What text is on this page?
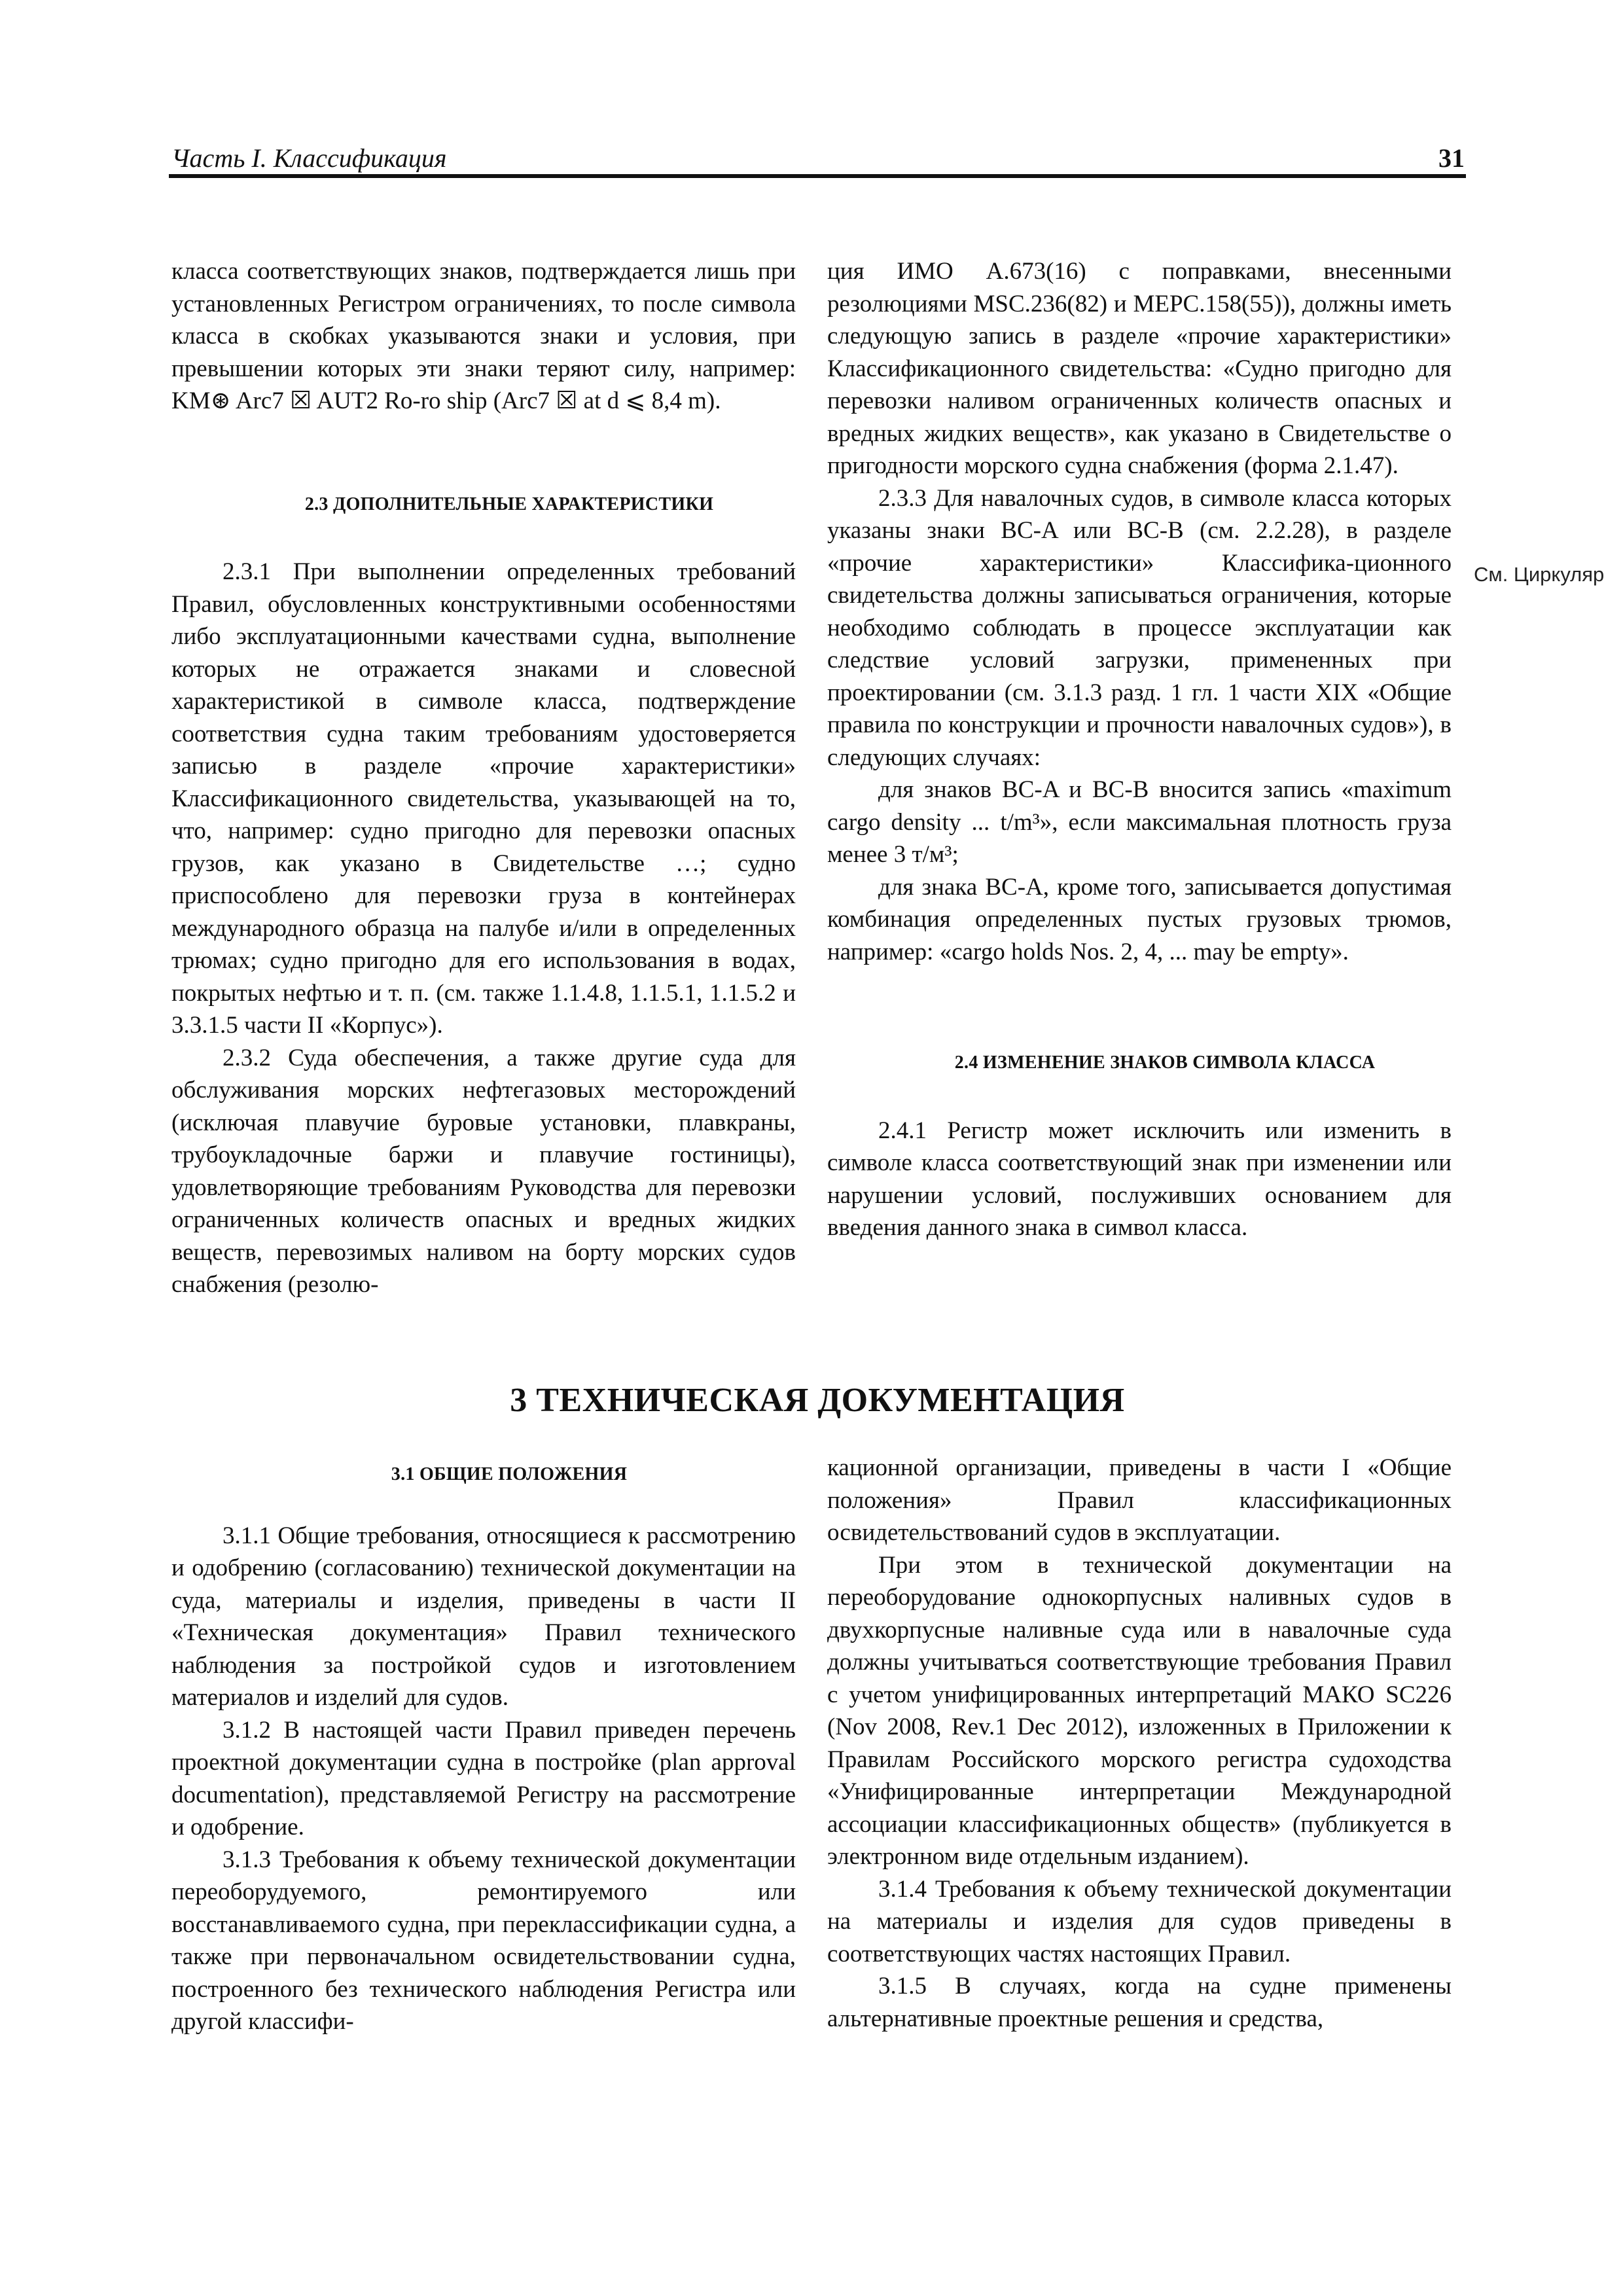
Часть I. Классификация	31
См. Циркуляр

класса соответствующих знаков, подтверждается лишь при установленных Регистром ограничениях, то после символа класса в скобках указываются знаки и условия, при превышении которых эти знаки теряют силу, например: KM⊛ Arc7 ☒ AUT2 Ro-ro ship (Arc7 ☒ at d ⩽ 8,4 m).

2.3 ДОПОЛНИТЕЛЬНЫЕ ХАРАКТЕРИСТИКИ

2.3.1 При выполнении определенных требований Правил, обусловленных конструктивными особенностями либо эксплуатационными качествами судна, выполнение которых не отражается знаками и словесной характеристикой в символе класса, подтверждение соответствия судна таким требованиям удостоверяется записью в разделе «прочие характеристики» Классификационного свидетельства, указывающей на то, что, например: судно пригодно для перевозки опасных грузов, как указано в Свидетельстве …; судно приспособлено для перевозки груза в контейнерах международного образца на палубе и/или в определенных трюмах; судно пригодно для его использования в водах, покрытых нефтью и т. п. (см. также 1.1.4.8, 1.1.5.1, 1.1.5.2 и 3.3.1.5 части II «Корпус»).

2.3.2 Суда обеспечения, а также другие суда для обслуживания морских нефтегазовых месторождений (исключая плавучие буровые установки, плавкраны, трубоукладочные баржи и плавучие гостиницы), удовлетворяющие требованиям Руководства для перевозки ограниченных количеств опасных и вредных жидких веществ, перевозимых наливом на борту морских судов снабжения (резолю-

ция ИМО A.673(16) с поправками, внесенными резолюциями MSC.236(82) и MEPC.158(55)), должны иметь следующую запись в разделе «прочие характеристики» Классификационного свидетельства: «Судно пригодно для перевозки наливом ограниченных количеств опасных и вредных жидких веществ», как указано в Свидетельстве о пригодности морского судна снабжения (форма 2.1.47).

2.3.3 Для навалочных судов, в символе класса которых указаны знаки BC-A или BC-B (см. 2.2.28), в разделе «прочие характеристики» Классифика-ционного свидетельства должны записываться ограничения, которые необходимо соблюдать в процессе эксплуатации как следствие условий загрузки, примененных при проектировании (см. 3.1.3 разд. 1 гл. 1 части XIX «Общие правила по конструкции и прочности навалочных судов»), в следующих случаях:

для знаков BC-A и BC-B вносится запись «maximum cargo density ... t/m³», если максимальная плотность груза менее 3 т/м³;

для знака BC-A, кроме того, записывается допустимая комбинация определенных пустых грузовых трюмов, например: «cargo holds Nos. 2, 4, ... may be empty».

2.4 ИЗМЕНЕНИЕ ЗНАКОВ СИМВОЛА КЛАССА

2.4.1 Регистр может исключить или изменить в символе класса соответствующий знак при изменении или нарушении условий, послуживших основанием для введения данного знака в символ класса.

3 ТЕХНИЧЕСКАЯ ДОКУМЕНТАЦИЯ

3.1 ОБЩИЕ ПОЛОЖЕНИЯ

3.1.1 Общие требования, относящиеся к рассмотрению и одобрению (согласованию) технической документации на суда, материалы и изделия, приведены в части II «Техническая документация» Правил технического наблюдения за постройкой судов и изготовлением материалов и изделий для судов.

3.1.2 В настоящей части Правил приведен перечень проектной документации судна в постройке (plan approval documentation), представляемой Регистру на рассмотрение и одобрение.

3.1.3 Требования к объему технической документации переоборудуемого, ремонтируемого или восстанавливаемого судна, при переклассификации судна, а также при первоначальном освидетельствовании судна, построенного без технического наблюдения Регистра или другой классифи-

кационной организации, приведены в части I «Общие положения» Правил классификационных освидетельствований судов в эксплуатации.

При этом в технической документации на переоборудование однокорпусных наливных судов в двухкорпусные наливные суда или в навалочные суда должны учитываться соответствующие требования Правил с учетом унифицированных интерпретаций МАКО SC226 (Nov 2008, Rev.1 Dec 2012), изложенных в Приложении к Правилам Российского морского регистра судоходства «Унифицированные интерпретации Международной ассоциации классификационных обществ» (публикуется в электронном виде отдельным изданием).

3.1.4 Требования к объему технической документации на материалы и изделия для судов приведены в соответствующих частях настоящих Правил.

3.1.5 В случаях, когда на судне применены альтернативные проектные решения и средства,
